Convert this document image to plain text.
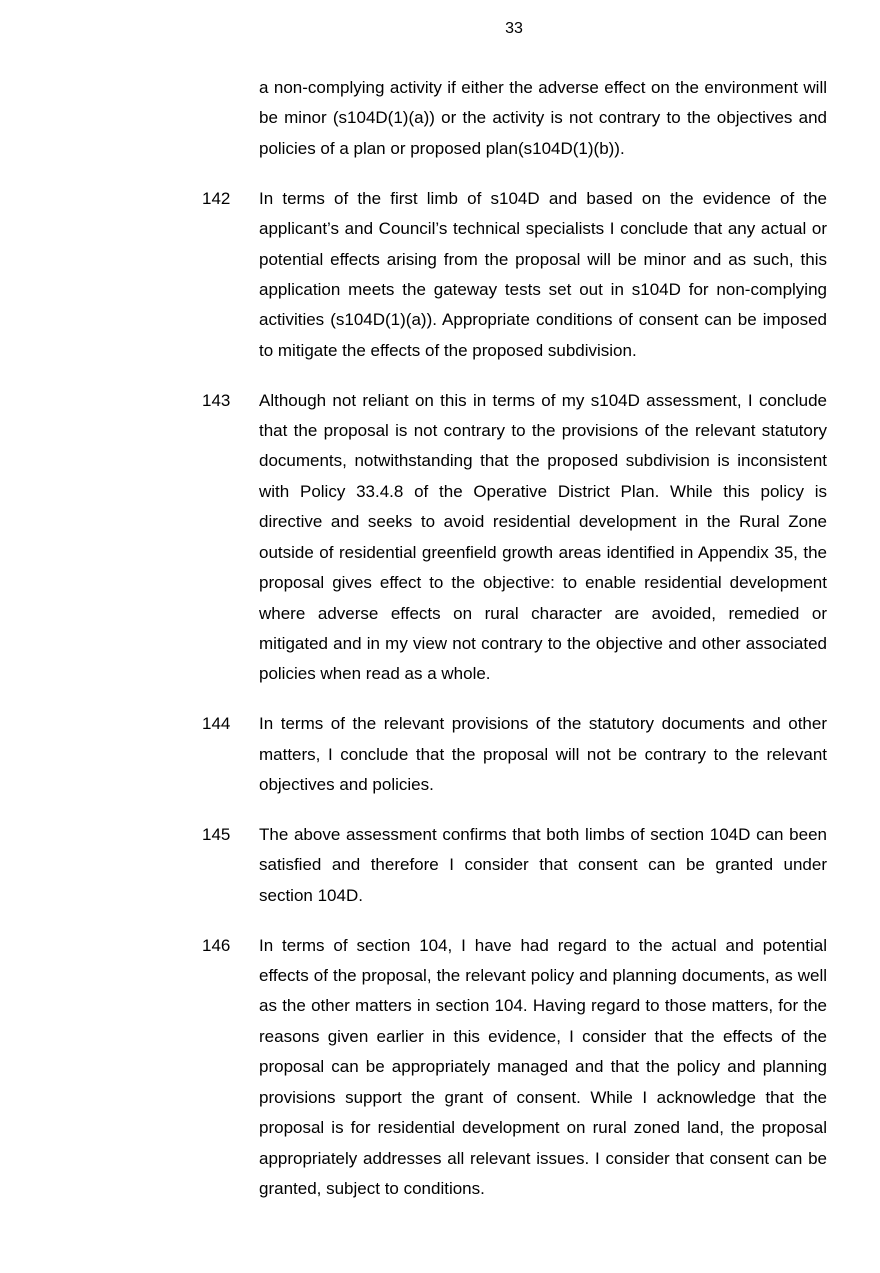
33

a non-complying activity if either the adverse effect on the environment will be minor (s104D(1)(a)) or the activity is not contrary to the objectives and policies of a plan or proposed plan(s104D(1)(b)).

142 In terms of the first limb of s104D and based on the evidence of the applicant’s and Council’s technical specialists I conclude that any actual or potential effects arising from the proposal will be minor and as such, this application meets the gateway tests set out in s104D for non-complying activities (s104D(1)(a)). Appropriate conditions of consent can be imposed to mitigate the effects of the proposed subdivision.

143 Although not reliant on this in terms of my s104D assessment, I conclude that the proposal is not contrary to the provisions of the relevant statutory documents, notwithstanding that the proposed subdivision is inconsistent with Policy 33.4.8 of the Operative District Plan. While this policy is directive and seeks to avoid residential development in the Rural Zone outside of residential greenfield growth areas identified in Appendix 35, the proposal gives effect to the objective: to enable residential development where adverse effects on rural character are avoided, remedied or mitigated and in my view not contrary to the objective and other associated policies when read as a whole.

144 In terms of the relevant provisions of the statutory documents and other matters, I conclude that the proposal will not be contrary to the relevant objectives and policies.

145 The above assessment confirms that both limbs of section 104D can been satisfied and therefore I consider that consent can be granted under section 104D.

146 In terms of section 104, I have had regard to the actual and potential effects of the proposal, the relevant policy and planning documents, as well as the other matters in section 104. Having regard to those matters, for the reasons given earlier in this evidence, I consider that the effects of the proposal can be appropriately managed and that the policy and planning provisions support the grant of consent. While I acknowledge that the proposal is for residential development on rural zoned land, the proposal appropriately addresses all relevant issues. I consider that consent can be granted, subject to conditions.
